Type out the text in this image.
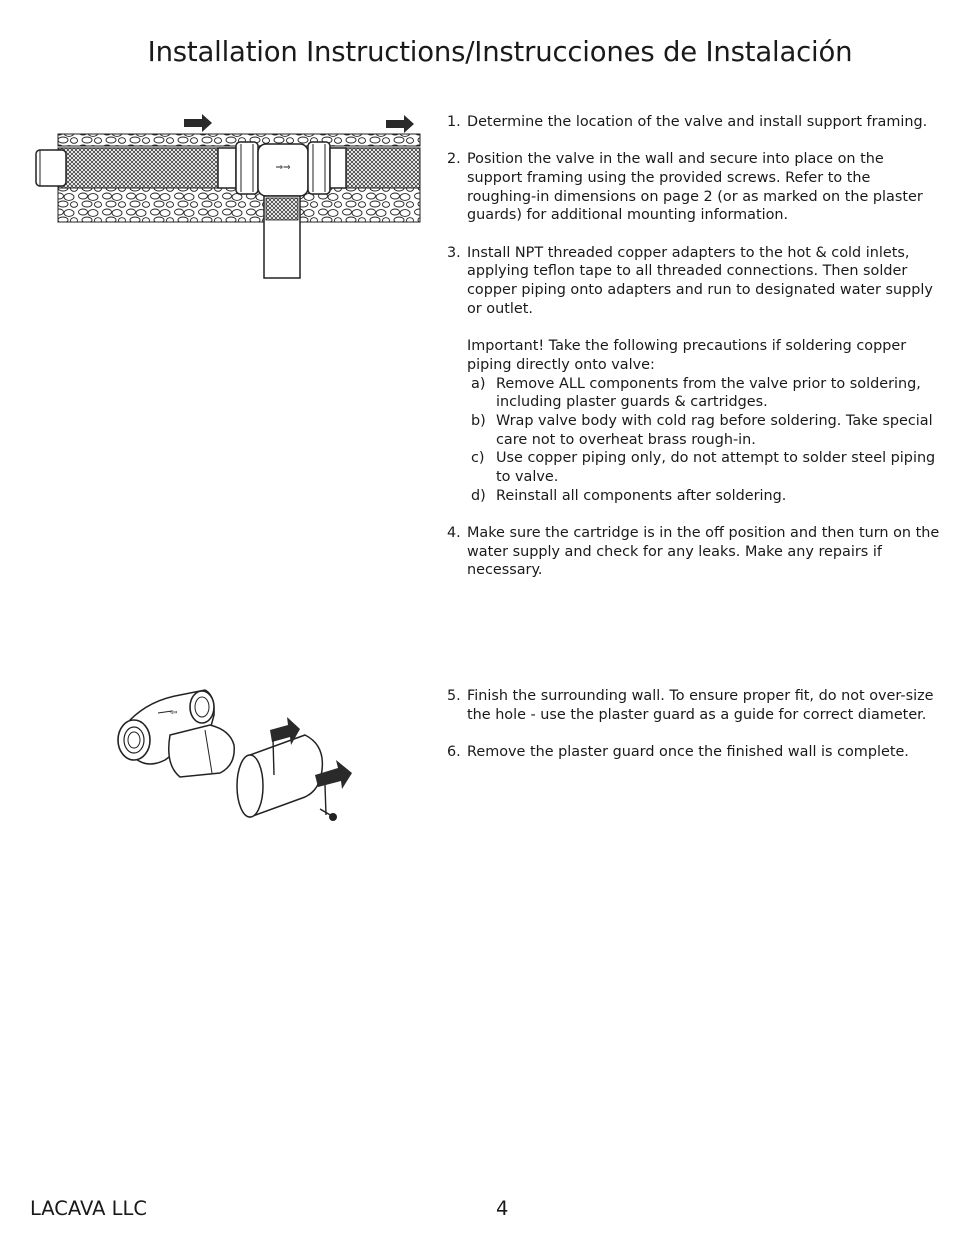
Installation Instructions/Instrucciones de Instalación
⇒⇒
⇦
1. Determine the location of the valve and install support framing.
2. Position the valve in the wall and secure into place on the support framing using the provided screws. Refer to the roughing-in dimensions on page 2 (or as marked on the plaster guards) for additional mounting information.
3. Install NPT threaded copper adapters to the hot & cold inlets, applying teflon tape to all threaded connections. Then solder copper piping onto adapters and run to designated water supply or outlet.
Important! Take the following precautions if soldering copper piping directly onto valve:
a) Remove ALL components from the valve prior to soldering, including plaster guards & cartridges.
b) Wrap valve body with cold rag before soldering. Take special care not to overheat brass rough-in.
c) Use copper piping only, do not attempt to solder steel piping to valve.
d) Reinstall all components after soldering.
4. Make sure the cartridge is in the off position and then turn on the water supply and check for any leaks. Make any repairs if necessary.
5. Finish the surrounding wall. To ensure proper fit, do not over-size the hole - use the plaster guard as a guide for correct diameter.
6. Remove the plaster guard once the finished wall is complete.
LACAVA LLC	4
